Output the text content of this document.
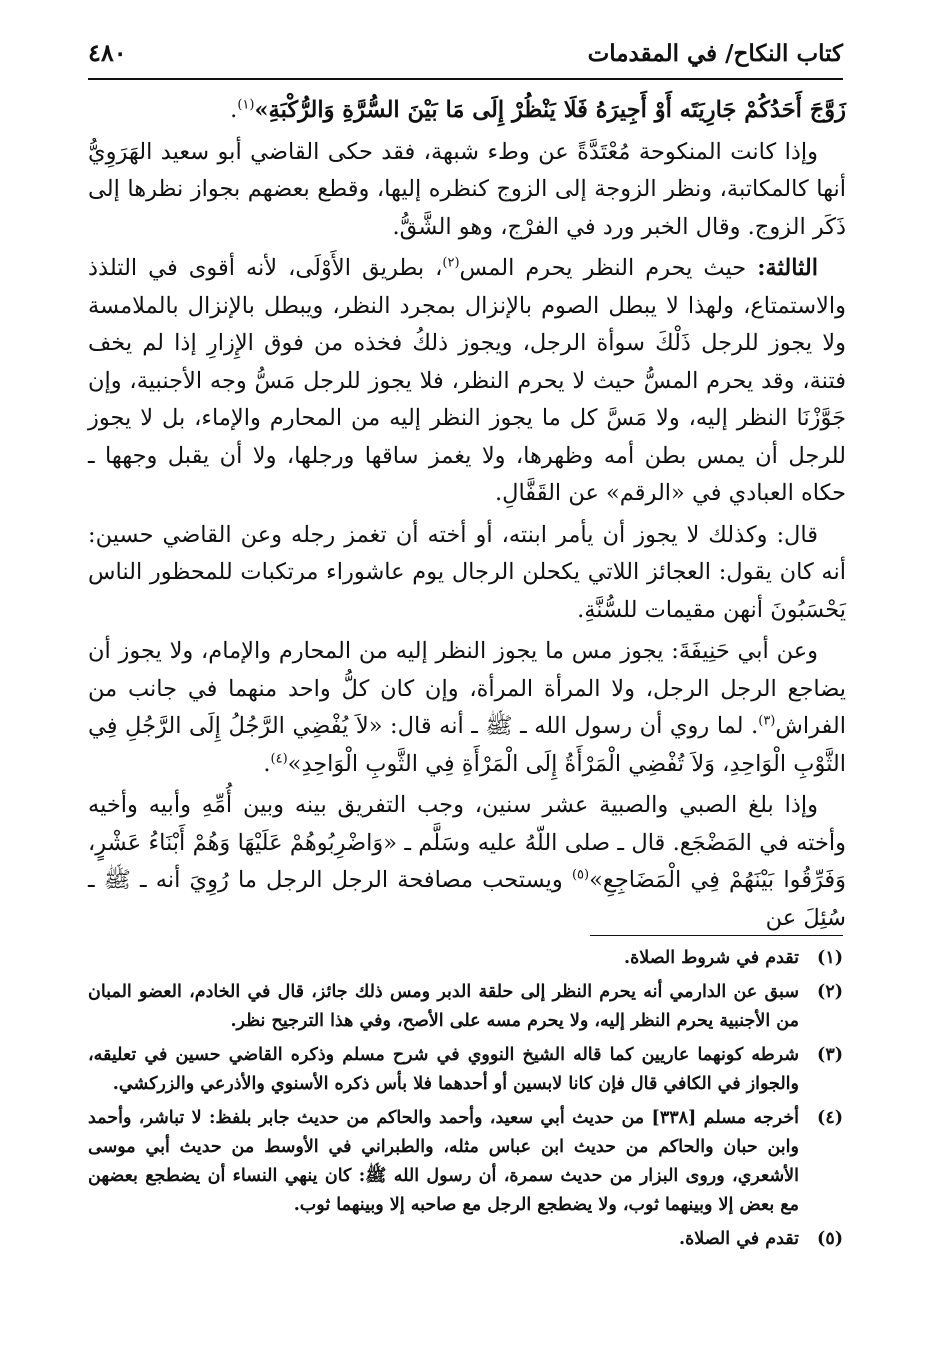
كتاب النكاح/ في المقدمات
٤٨٠

زَوَّجَ أَحَدُكُمْ جَارِيَتَه أَوْ أَجِيرَهُ فَلَا يَنْظُرْ إِلَى مَا بَيْنَ السُّرَّةِ وَالرُّكْبَةِ»$^{(١)}$.

وإذا كانت المنكوحة مُعْتَدَّةً عن وطء شبهة، فقد حكى القاضي أبو سعيد الهَرَوِيُّ أنها كالمكاتبة، ونظر الزوجة إلى الزوج كنظره إليها، وقطع بعضهم بجواز نظرها إلى ذَكَر الزوج. وقال الخبر ورد في الفرْج، وهو الشَّقُّ.

الثالثة: حيث يحرم النظر يحرم المس$^{(٢)}$، بطريق الأَوْلَى، لأنه أقوى في التلذذ والاستمتاع، ولهذا لا يبطل الصوم بالإنزال بمجرد النظر، ويبطل بالإنزال بالملامسة ولا يجوز للرجل ذَلْكَ سوأة الرجل، ويجوز ذلكُ فخذه من فوق الإِزارِ إذا لم يخف فتنة، وقد يحرم المسُّ حيث لا يحرم النظر، فلا يجوز للرجل مَسُّ وجه الأجنبية، وإن جَوَّزْنَا النظر إليه، ولا مَسَّ كل ما يجوز النظر إليه من المحارم والإماء، بل لا يجوز للرجل أن يمس بطن أمه وظهرها، ولا يغمز ساقها ورجلها، ولا أن يقبل وجهها ـ حكاه العبادي في «الرقم» عن القَفَّالِ.

قال: وكذلك لا يجوز أن يأمر ابنته، أو أخته أن تغمز رجله وعن القاضي حسين: أنه كان يقول: العجائز اللاتي يكحلن الرجال يوم عاشوراء مرتكبات للمحظور الناس يَحْسَبُونَ أنهن مقيمات للسُّنَّةِ.

وعن أبي حَنِيفَةَ: يجوز مس ما يجوز النظر إليه من المحارم والإمام، ولا يجوز أن يضاجع الرجل الرجل، ولا المرأة المرأة، وإن كان كلُّ واحد منهما في جانب من الفراش$^{(٣)}$. لما روي أن رسول الله ـ ﷺ ـ أنه قال: «لاَ يُفْضِي الرَّجُلُ إِلَى الرَّجُلِ فِي الثَّوْبِ الْوَاحِدِ، وَلاَ تُفْضِي الْمَرْأَةُ إِلَى الْمَرْأَةِ فِي الثَّوبِ الْوَاحِدِ»$^{(٤)}$.

وإذا بلغ الصبي والصبية عشر سنين، وجب التفريق بينه وبين أُمِّهِ وأبيه وأخيه وأخته في المَضْجَع. قال ـ صلى اللّهُ عليه وسَلَّم ـ «وَاضْرِبُوهُمْ عَلَيْهَا وَهُمْ أَبْنَاءُ عَشْرٍ، وَفَرِّقُوا بَيْنَهُمْ فِي الْمَضَاجِعِ»$^{(٥)}$ ويستحب مصافحة الرجل الرجل ما رُوِيَ أنه ـ ﷺ ـ سُئِلَ عن

(١)
تقدم في شروط الصلاة.
(٢)
سبق عن الدارمي أنه يحرم النظر إلى حلقة الدبر ومس ذلك جائز، قال في الخادم، العضو المبان من الأجنبية يحرم النظر إليه، ولا يحرم مسه على الأصح، وفي هذا الترجيح نظر.
(٣)
شرطه كونهما عاريين كما قاله الشيخ النووي في شرح مسلم وذكره القاضي حسين في تعليقه، والجواز في الكافي قال فإن كانا لابسين أو أحدهما فلا بأس ذكره الأسنوي والأذرعي والزركشي.
(٤)
أخرجه مسلم [٣٣٨] من حديث أبي سعيد، وأحمد والحاكم من حديث جابر بلفظ: لا تباشر، وأحمد وابن حبان والحاكم من حديث ابن عباس مثله، والطبراني في الأوسط من حديث أبي موسى الأشعري، وروى البزار من حديث سمرة، أن رسول الله ﷺ: كان ينهي النساء أن يضطجع بعضهن مع بعض إلا وبينهما ثوب، ولا يضطجع الرجل مع صاحبه إلا وبينهما ثوب.
(٥)
تقدم في الصلاة.
